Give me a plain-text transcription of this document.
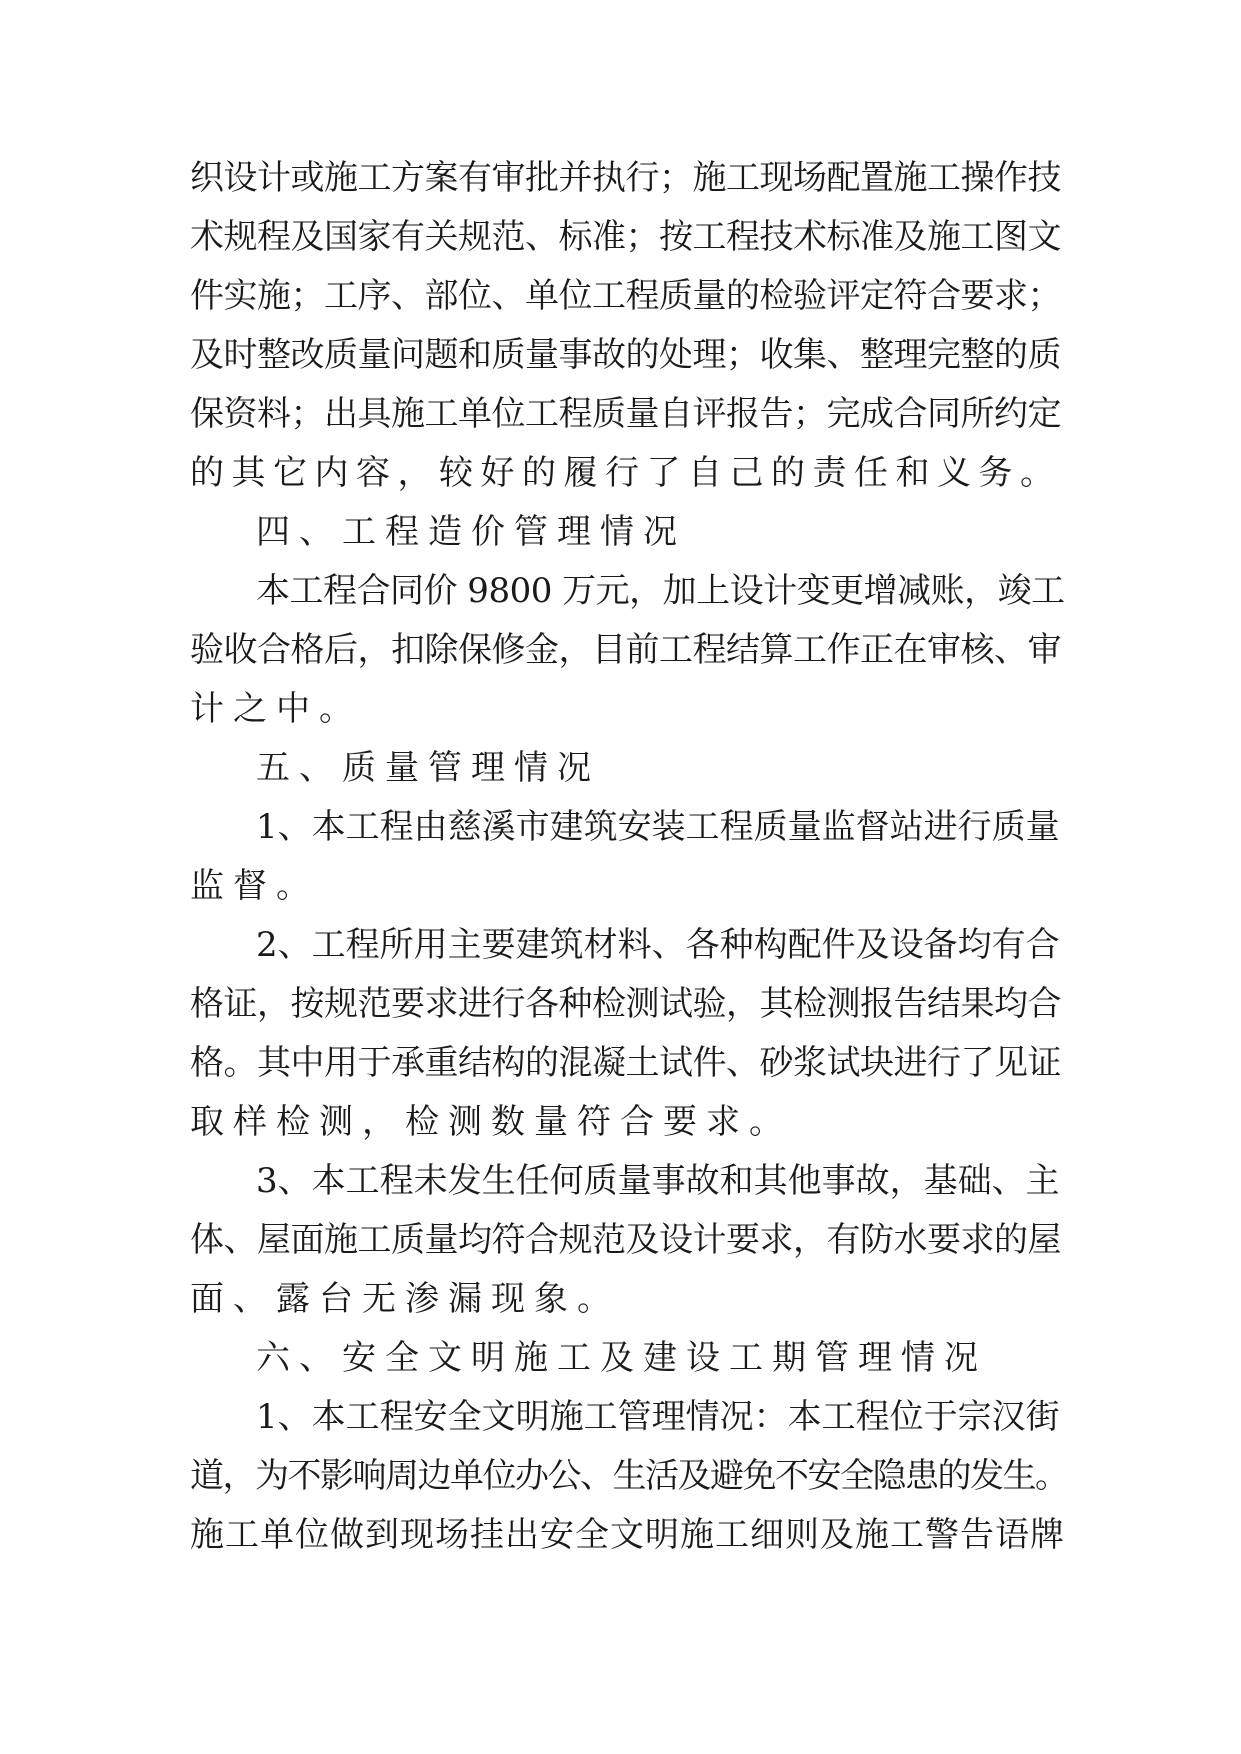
织设计或施工方案有审批并执行；施工现场配置施工操作技
术规程及国家有关规范、标准；按工程技术标准及施工图文
件实施；工序、部位、单位工程质量的检验评定符合要求；
及时整改质量问题和质量事故的处理；收集、整理完整的质
保资料；出具施工单位工程质量自评报告；完成合同所约定
的其它内容，较好的履行了自己的责任和义务。
四、工程造价管理情况
本工程合同价 9800 万元，加上设计变更增减账，竣工
验收合格后，扣除保修金，目前工程结算工作正在审核、审
计之中。
五、质量管理情况
1、本工程由慈溪市建筑安装工程质量监督站进行质量
监督。
2、工程所用主要建筑材料、各种构配件及设备均有合
格证，按规范要求进行各种检测试验，其检测报告结果均合
格。其中用于承重结构的混凝土试件、砂浆试块进行了见证
取样检测，检测数量符合要求。
3、本工程未发生任何质量事故和其他事故，基础、主
体、屋面施工质量均符合规范及设计要求，有防水要求的屋
面、露台无渗漏现象。
六、安全文明施工及建设工期管理情况
1、本工程安全文明施工管理情况：本工程位于宗汉街
道，为不影响周边单位办公、生活及避免不安全隐患的发生。
施工单位做到现场挂出安全文明施工细则及施工警告语牌
